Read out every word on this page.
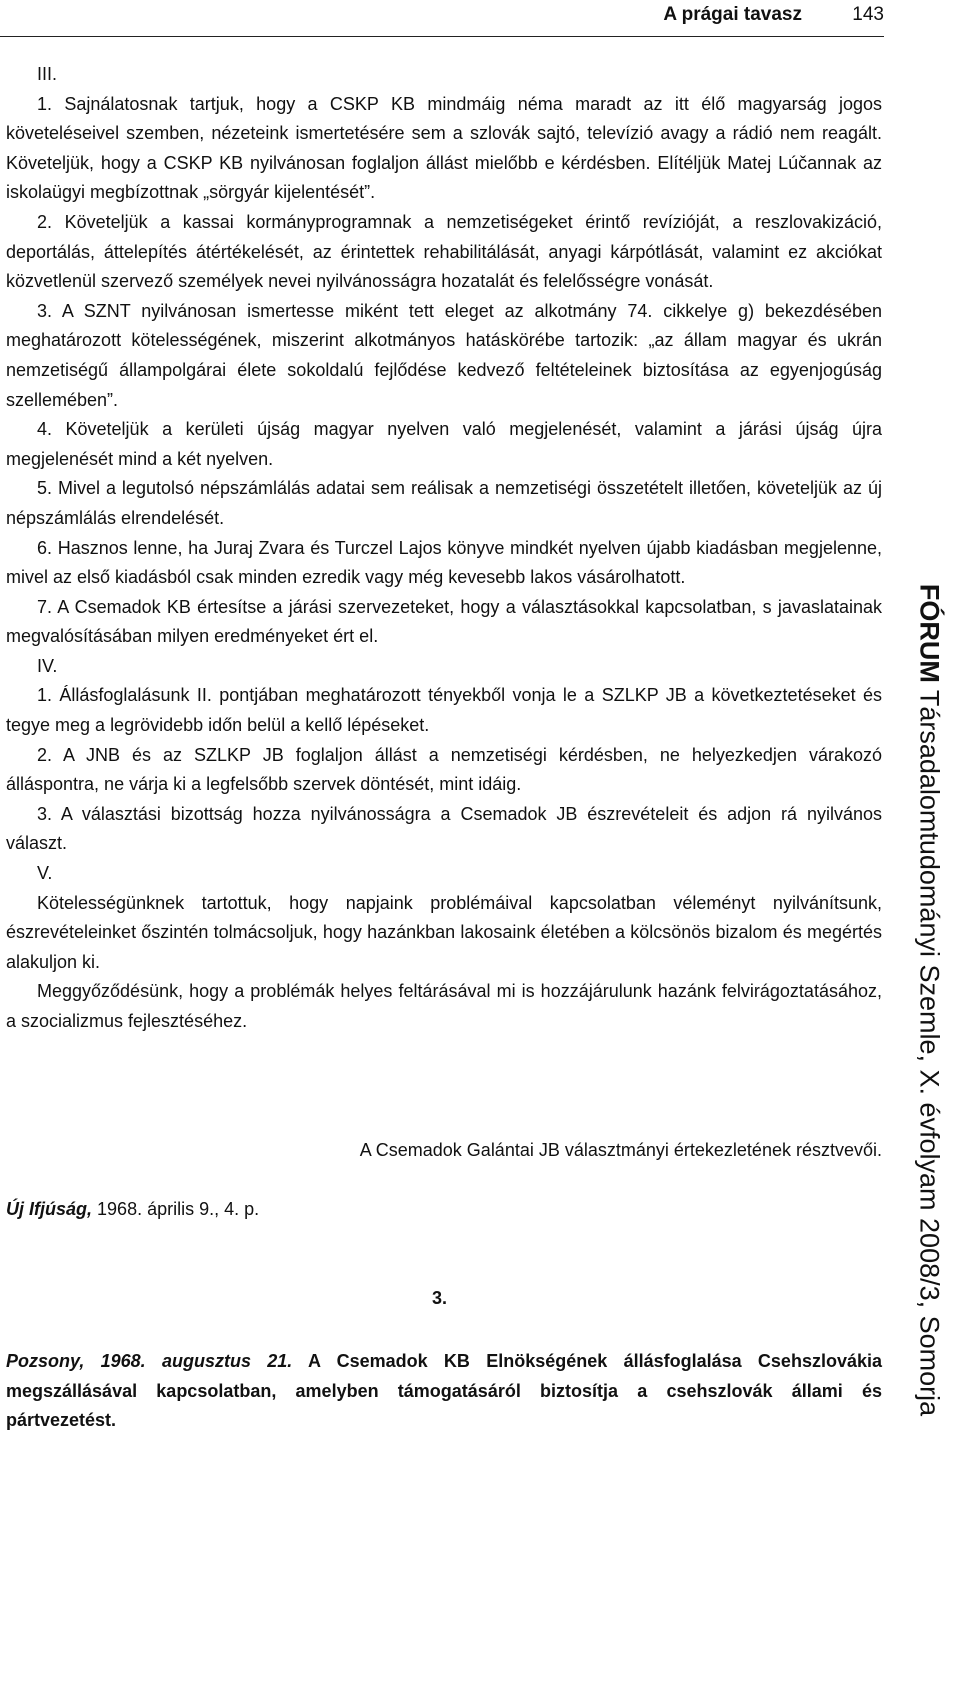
A prágai tavasz	143

III.

1. Sajnálatosnak tartjuk, hogy a CSKP KB mindmáig néma maradt az itt élő magyarság jogos követeléseivel szemben, nézeteink ismertetésére sem a szlovák sajtó, televízió avagy a rádió nem reagált. Követeljük, hogy a CSKP KB nyilvánosan foglaljon állást mielőbb e kérdésben. Elítéljük Matej Lúčannak az iskolaügyi megbízottnak „sörgyár kijelentését”.

2. Követeljük a kassai kormányprogramnak a nemzetiségeket érintő revízióját, a reszlovakizáció, deportálás, áttelepítés átértékelését, az érintettek rehabilitálását, anyagi kárpótlását, valamint ez akciókat közvetlenül szervező személyek nevei nyilvánosságra hozatalát és felelősségre vonását.

3. A SZNT nyilvánosan ismertesse miként tett eleget az alkotmány 74. cikkelye g) bekezdésében meghatározott kötelességének, miszerint alkotmányos hatáskörébe tartozik: „az állam magyar és ukrán nemzetiségű állampolgárai élete sokoldalú fejlődése kedvező feltételeinek biztosítása az egyenjogúság szellemében”.

4. Követeljük a kerületi újság magyar nyelven való megjelenését, valamint a járási újság újra megjelenését mind a két nyelven.

5. Mivel a legutolsó népszámlálás adatai sem reálisak a nemzetiségi összetételt illetően, követeljük az új népszámlálás elrendelését.

6. Hasznos lenne, ha Juraj Zvara és Turczel Lajos könyve mindkét nyelven újabb kiadásban megjelenne, mivel az első kiadásból csak minden ezredik vagy még kevesebb lakos vásárolhatott.

7. A Csemadok KB értesítse a járási szervezeteket, hogy a választásokkal kapcsolatban, s javaslatainak megvalósításában milyen eredményeket ért el.

IV.

1. Állásfoglalásunk II. pontjában meghatározott tényekből vonja le a SZLKP JB a következtetéseket és tegye meg a legrövidebb időn belül a kellő lépéseket.

2. A JNB és az SZLKP JB foglaljon állást a nemzetiségi kérdésben, ne helyezkedjen várakozó álláspontra, ne várja ki a legfelsőbb szervek döntését, mint idáig.

3. A választási bizottság hozza nyilvánosságra a Csemadok JB észrevételeit és adjon rá nyilvános választ.

V.

Kötelességünknek tartottuk, hogy napjaink problémáival kapcsolatban véleményt nyilvánítsunk, észrevételeinket őszintén tolmácsoljuk, hogy hazánkban lakosaink életében a kölcsönös bizalom és megértés alakuljon ki.

Meggyőződésünk, hogy a problémák helyes feltárásával mi is hozzájárulunk hazánk felvirágoztatásához, a szocializmus fejlesztéséhez.

A Csemadok Galántai JB választmányi értekezletének résztvevői.
Új Ifjúság, 1968. április 9., 4. p.
3.
Pozsony, 1968. augusztus 21. A Csemadok KB Elnökségének állásfoglalása Csehszlovákia megszállásával kapcsolatban, amelyben támogatásáról biztosítja a csehszlovák állami és pártvezetést.
FÓRUM Társadalomtudományi Szemle, X. évfolyam 2008/3, Somorja
